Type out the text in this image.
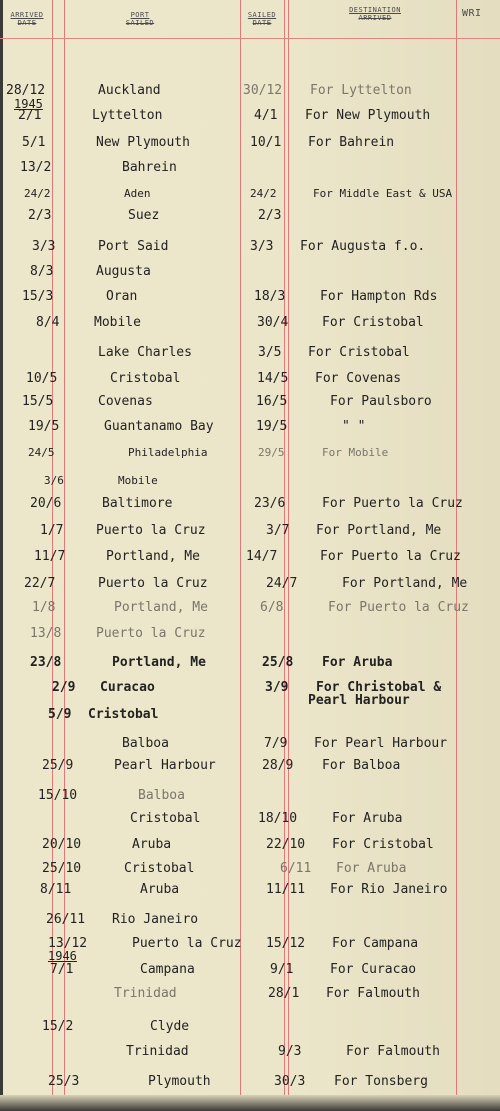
ARRIVED
DATE
PORT
SAILED
SAILED
DATE
DESTINATION
ARRIVED	WRI
1945
1946
28/12	Auckland	30/12 For Lyttelton
2/1	Lyttelton	4/1 For New Plymouth
5/1	New Plymouth	10/1 For Bahrein
13/2	Bahrein
24/2	Aden	24/2	For Middle East & USA
2/3	Suez	2/3
3/3	Port Said	3/3 For Augusta f.o.
8/3	Augusta
15/3	Oran	18/3	For Hampton Rds
8/4	Mobile	30/4	For Cristobal
Lake Charles	3/5 For Cristobal
10/5	Cristobal	14/5 For Covenas
15/5	Covenas	16/5	For Paulsboro
19/5	Guantanamo Bay	19/5	" "
24/5	Philadelphia	29/5	For Mobile
3/6	Mobile
20/6	Baltimore	23/6	For Puerto la Cruz
1/7	Puerto la Cruz	3/7 For Portland, Me
11/7	Portland, Me	14/7	For Puerto la Cruz
22/7	Puerto la Cruz	24/7	For Portland, Me
1/8	Portland, Me	6/8	For Puerto la Cruz
13/8	Puerto la Cruz
23/8	Portland, Me	25/8 For Aruba
2/9 Curacao	3/9 For Christobal &
Pearl Harbour
5/9 Cristobal
Balboa	7/9 For Pearl Harbour
25/9	Pearl Harbour	28/9 For Balboa
15/10	Balboa
Cristobal	18/10	For Aruba
20/10	Aruba	22/10 For Cristobal
25/10	Cristobal	6/11 For Aruba
8/11	Aruba	11/11 For Rio Janeiro
26/11 Rio Janeiro
13/12	Puerto la Cruz 15/12 For Campana
7/1	Campana	9/1	For Curacao
Trinidad	28/1 For Falmouth
15/2	Clyde
Trinidad	9/3	For Falmouth
25/3	Plymouth	30/3 For Tonsberg
